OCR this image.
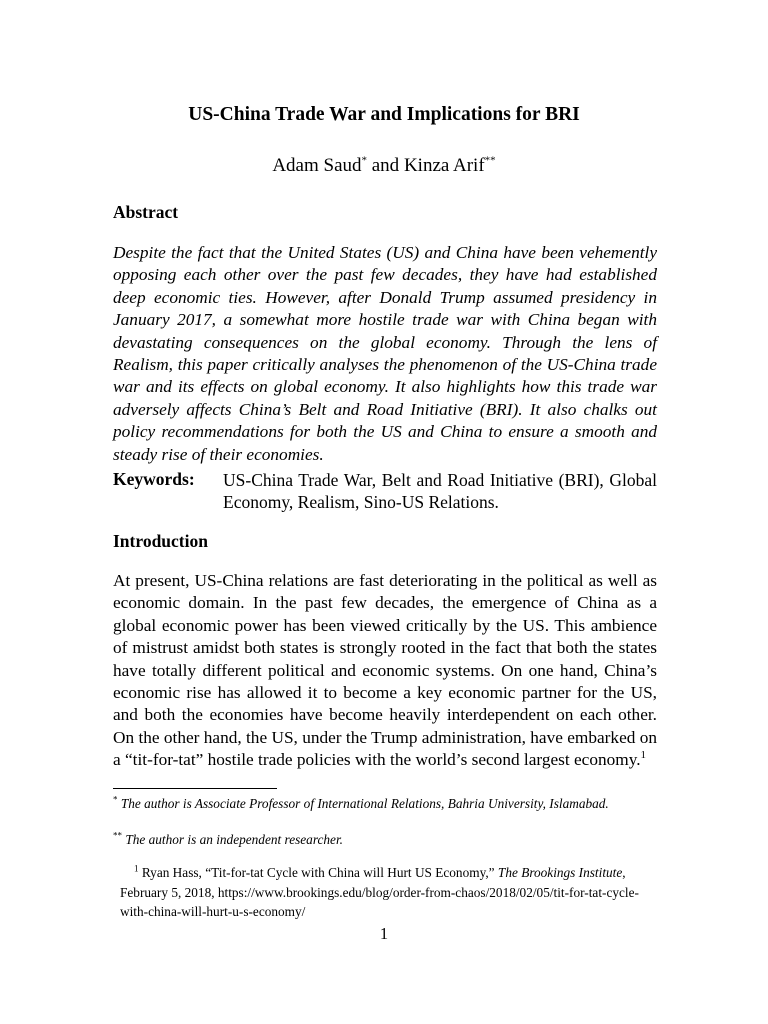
US-China Trade War and Implications for BRI
Adam Saud* and Kinza Arif**
Abstract

Despite the fact that the United States (US) and China have been vehemently opposing each other over the past few decades, they have had established deep economic ties. However, after Donald Trump assumed presidency in January 2017, a somewhat more hostile trade war with China began with devastating consequences on the global economy. Through the lens of Realism, this paper critically analyses the phenomenon of the US-China trade war and its effects on global economy. It also highlights how this trade war adversely affects China’s Belt and Road Initiative (BRI). It also chalks out policy recommendations for both the US and China to ensure a smooth and steady rise of their economies.

Keywords: US-China Trade War, Belt and Road Initiative (BRI), Global Economy, Realism, Sino-US Relations.

Introduction

At present, US-China relations are fast deteriorating in the political as well as economic domain. In the past few decades, the emergence of China as a global economic power has been viewed critically by the US. This ambience of mistrust amidst both states is strongly rooted in the fact that both the states have totally different political and economic systems. On one hand, China’s economic rise has allowed it to become a key economic partner for the US, and both the economies have become heavily interdependent on each other. On the other hand, the US, under the Trump administration, have embarked on a “tit-for-tat” hostile trade policies with the world’s second largest economy.$^1$

* The author is Associate Professor of International Relations, Bahria University, Islamabad.

** The author is an independent researcher.

$^1$ Ryan Hass, “Tit-for-tat Cycle with China will Hurt US Economy,” The Brookings Institute, February 5, 2018, https://www.brookings.edu/blog/order-from-chaos/2018/02/05/tit-for-tat-cycle-with-china-will-hurt-u-s-economy/

1
